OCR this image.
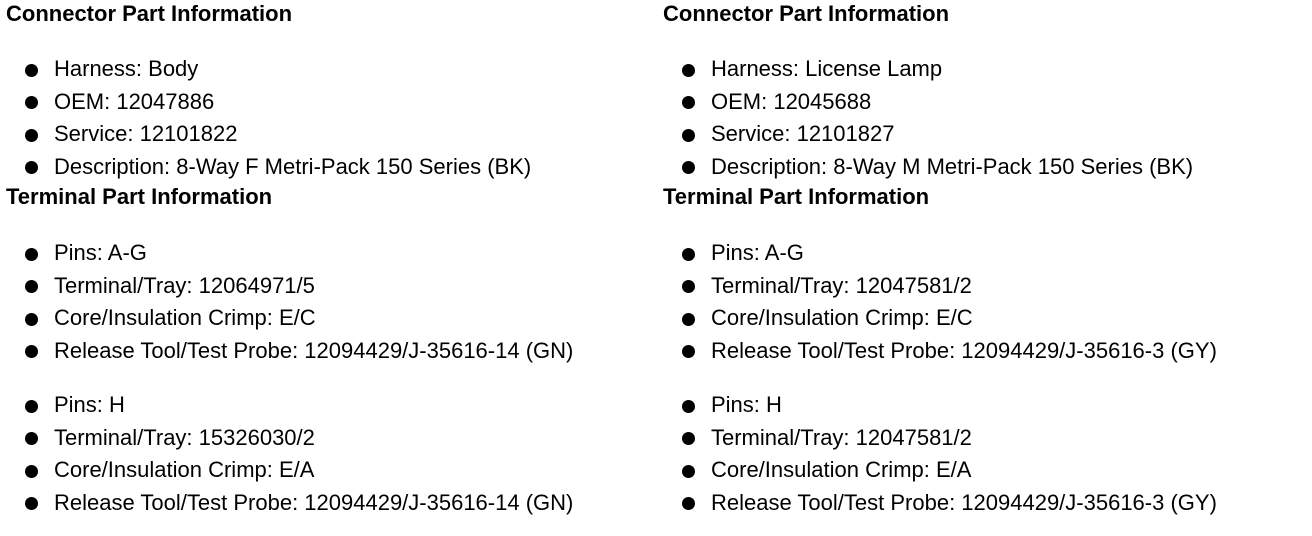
Connector Part Information
Harness: Body
OEM: 12047886
Service: 12101822
Description: 8-Way F Metri-Pack 150 Series (BK)
Terminal Part Information
Pins: A-G
Terminal/Tray: 12064971/5
Core/Insulation Crimp: E/C
Release Tool/Test Probe: 12094429/J-35616-14 (GN)
Pins: H
Terminal/Tray: 15326030/2
Core/Insulation Crimp: E/A
Release Tool/Test Probe: 12094429/J-35616-14 (GN)
Connector Part Information
Harness: License Lamp
OEM: 12045688
Service: 12101827
Description: 8-Way M Metri-Pack 150 Series (BK)
Terminal Part Information
Pins: A-G
Terminal/Tray: 12047581/2
Core/Insulation Crimp: E/C
Release Tool/Test Probe: 12094429/J-35616-3 (GY)
Pins: H
Terminal/Tray: 12047581/2
Core/Insulation Crimp: E/A
Release Tool/Test Probe: 12094429/J-35616-3 (GY)
